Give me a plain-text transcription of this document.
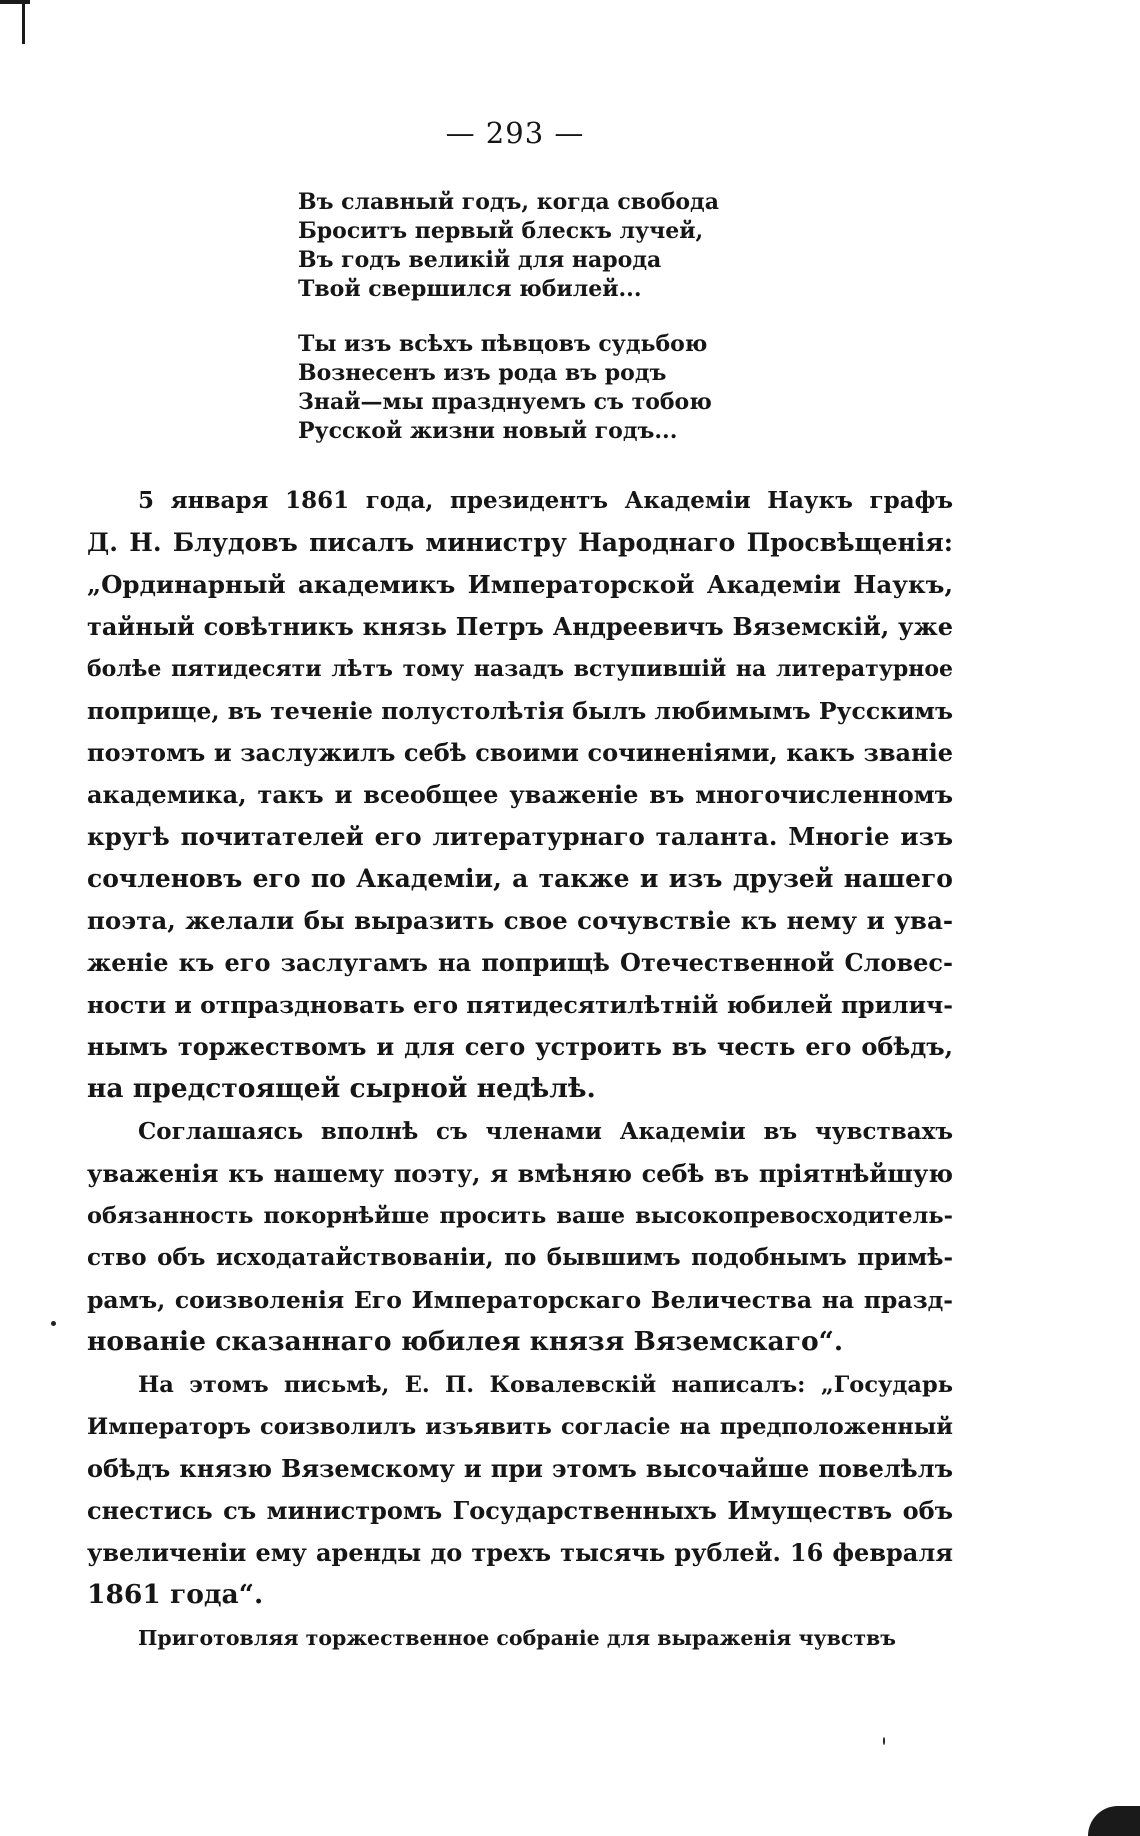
— 293 —
Въ славный годъ, когда свобода
Броситъ первый блескъ лучей,
Въ годъ великій для народа
Твой свершился юбилей...
Ты изъ всѣхъ пѣвцовъ судьбою
Вознесенъ изъ рода въ родъ
Знай—мы празднуемъ съ тобою
Русской жизни новый годъ...
5 января 1861 года, президентъ Академіи Наукъ графъ
Д. Н. Блудовъ писалъ министру Народнаго Просвѣщенія:
„Ординарный академикъ Императорской Академіи Наукъ,
тайный совѣтникъ князь Петръ Андреевичъ Вяземскій, уже
болѣе пятидесяти лѣтъ тому назадъ вступившій на литературное
поприще, въ теченіе полустолѣтія былъ любимымъ Русскимъ
поэтомъ и заслужилъ себѣ своими сочиненіями, какъ званіе
академика, такъ и всеобщее уваженіе въ многочисленномъ
кругѣ почитателей его литературнаго таланта. Многіе изъ
сочленовъ его по Академіи, а также и изъ друзей нашего
поэта, желали бы выразить свое сочувствіе къ нему и ува-
женіе къ его заслугамъ на поприщѣ Отечественной Словес-
ности и отпраздновать его пятидесятилѣтній юбилей прилич-
нымъ торжествомъ и для сего устроить въ честь его обѣдъ,
на предстоящей сырной недѣлѣ.
Соглашаясь вполнѣ съ членами Академіи въ чувствахъ
уваженія къ нашему поэту, я вмѣняю себѣ въ пріятнѣйшую
обязанность покорнѣйше просить ваше высокопревосходитель-
ство объ исходатайствованіи, по бывшимъ подобнымъ примѣ-
рамъ, соизволенія Его Императорскаго Величества на празд-
нованіе сказаннаго юбилея князя Вяземскаго“.
На этомъ письмѣ, Е. П. Ковалевскій написалъ: „Государь
Императоръ соизволилъ изъявить согласіе на предположенный
обѣдъ князю Вяземскому и при этомъ высочайше повелѣлъ
снестись съ министромъ Государственныхъ Имуществъ объ
увеличеніи ему аренды до трехъ тысячь рублей. 16 февраля
1861 года“.
Приготовляя торжественное собраніе для выраженія чувствъ
